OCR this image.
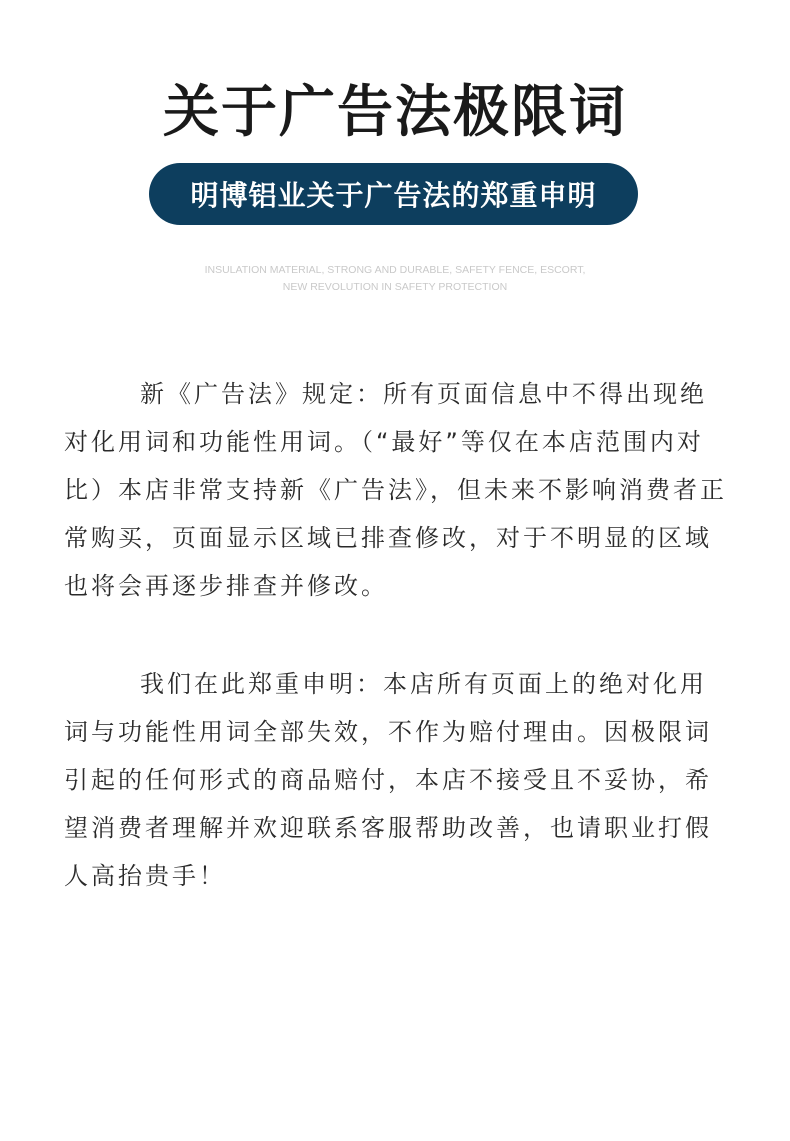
关于广告法极限词
明博铝业关于广告法的郑重申明
INSULATION MATERIAL, STRONG AND DURABLE, SAFETY FENCE, ESCORT,
NEW REVOLUTION IN SAFETY PROTECTION

新《广告法》规定：所有页面信息中不得出现绝对化用词和功能性用词。（“最好”等仅在本店范围内对比）本店非常支持新《广告法》，但未来不影响消费者正常购买，页面显示区域已排查修改，对于不明显的区域也将会再逐步排查并修改。

我们在此郑重申明：本店所有页面上的绝对化用词与功能性用词全部失效，不作为赔付理由。因极限词引起的任何形式的商品赔付，本店不接受且不妥协，希望消费者理解并欢迎联系客服帮助改善，也请职业打假人高抬贵手！
